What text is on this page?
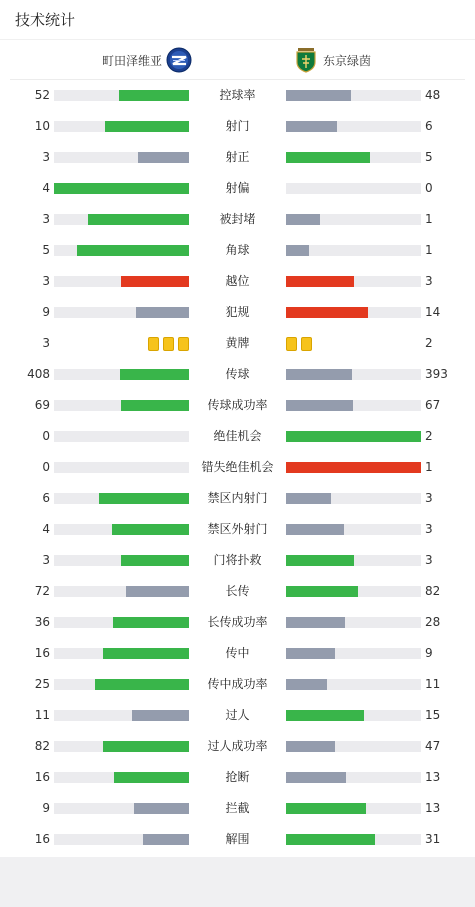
技术统计
町田泽维亚	东京绿茵
52	控球率	48
10	射门	6
3	射正	5
4	射偏	0
3	被封堵	1
5	角球	1
3	越位	3
9	犯规	14
3	黄牌	2
408	传球	393
69	传球成功率	67
0	绝佳机会	2
0	错失绝佳机会	1
6	禁区内射门	3
4	禁区外射门	3
3	门将扑救	3
72	长传	82
36	长传成功率	28
16	传中	9
25	传中成功率	11
11	过人	15
82	过人成功率	47
16	抢断	13
9	拦截	13
16	解围	31
